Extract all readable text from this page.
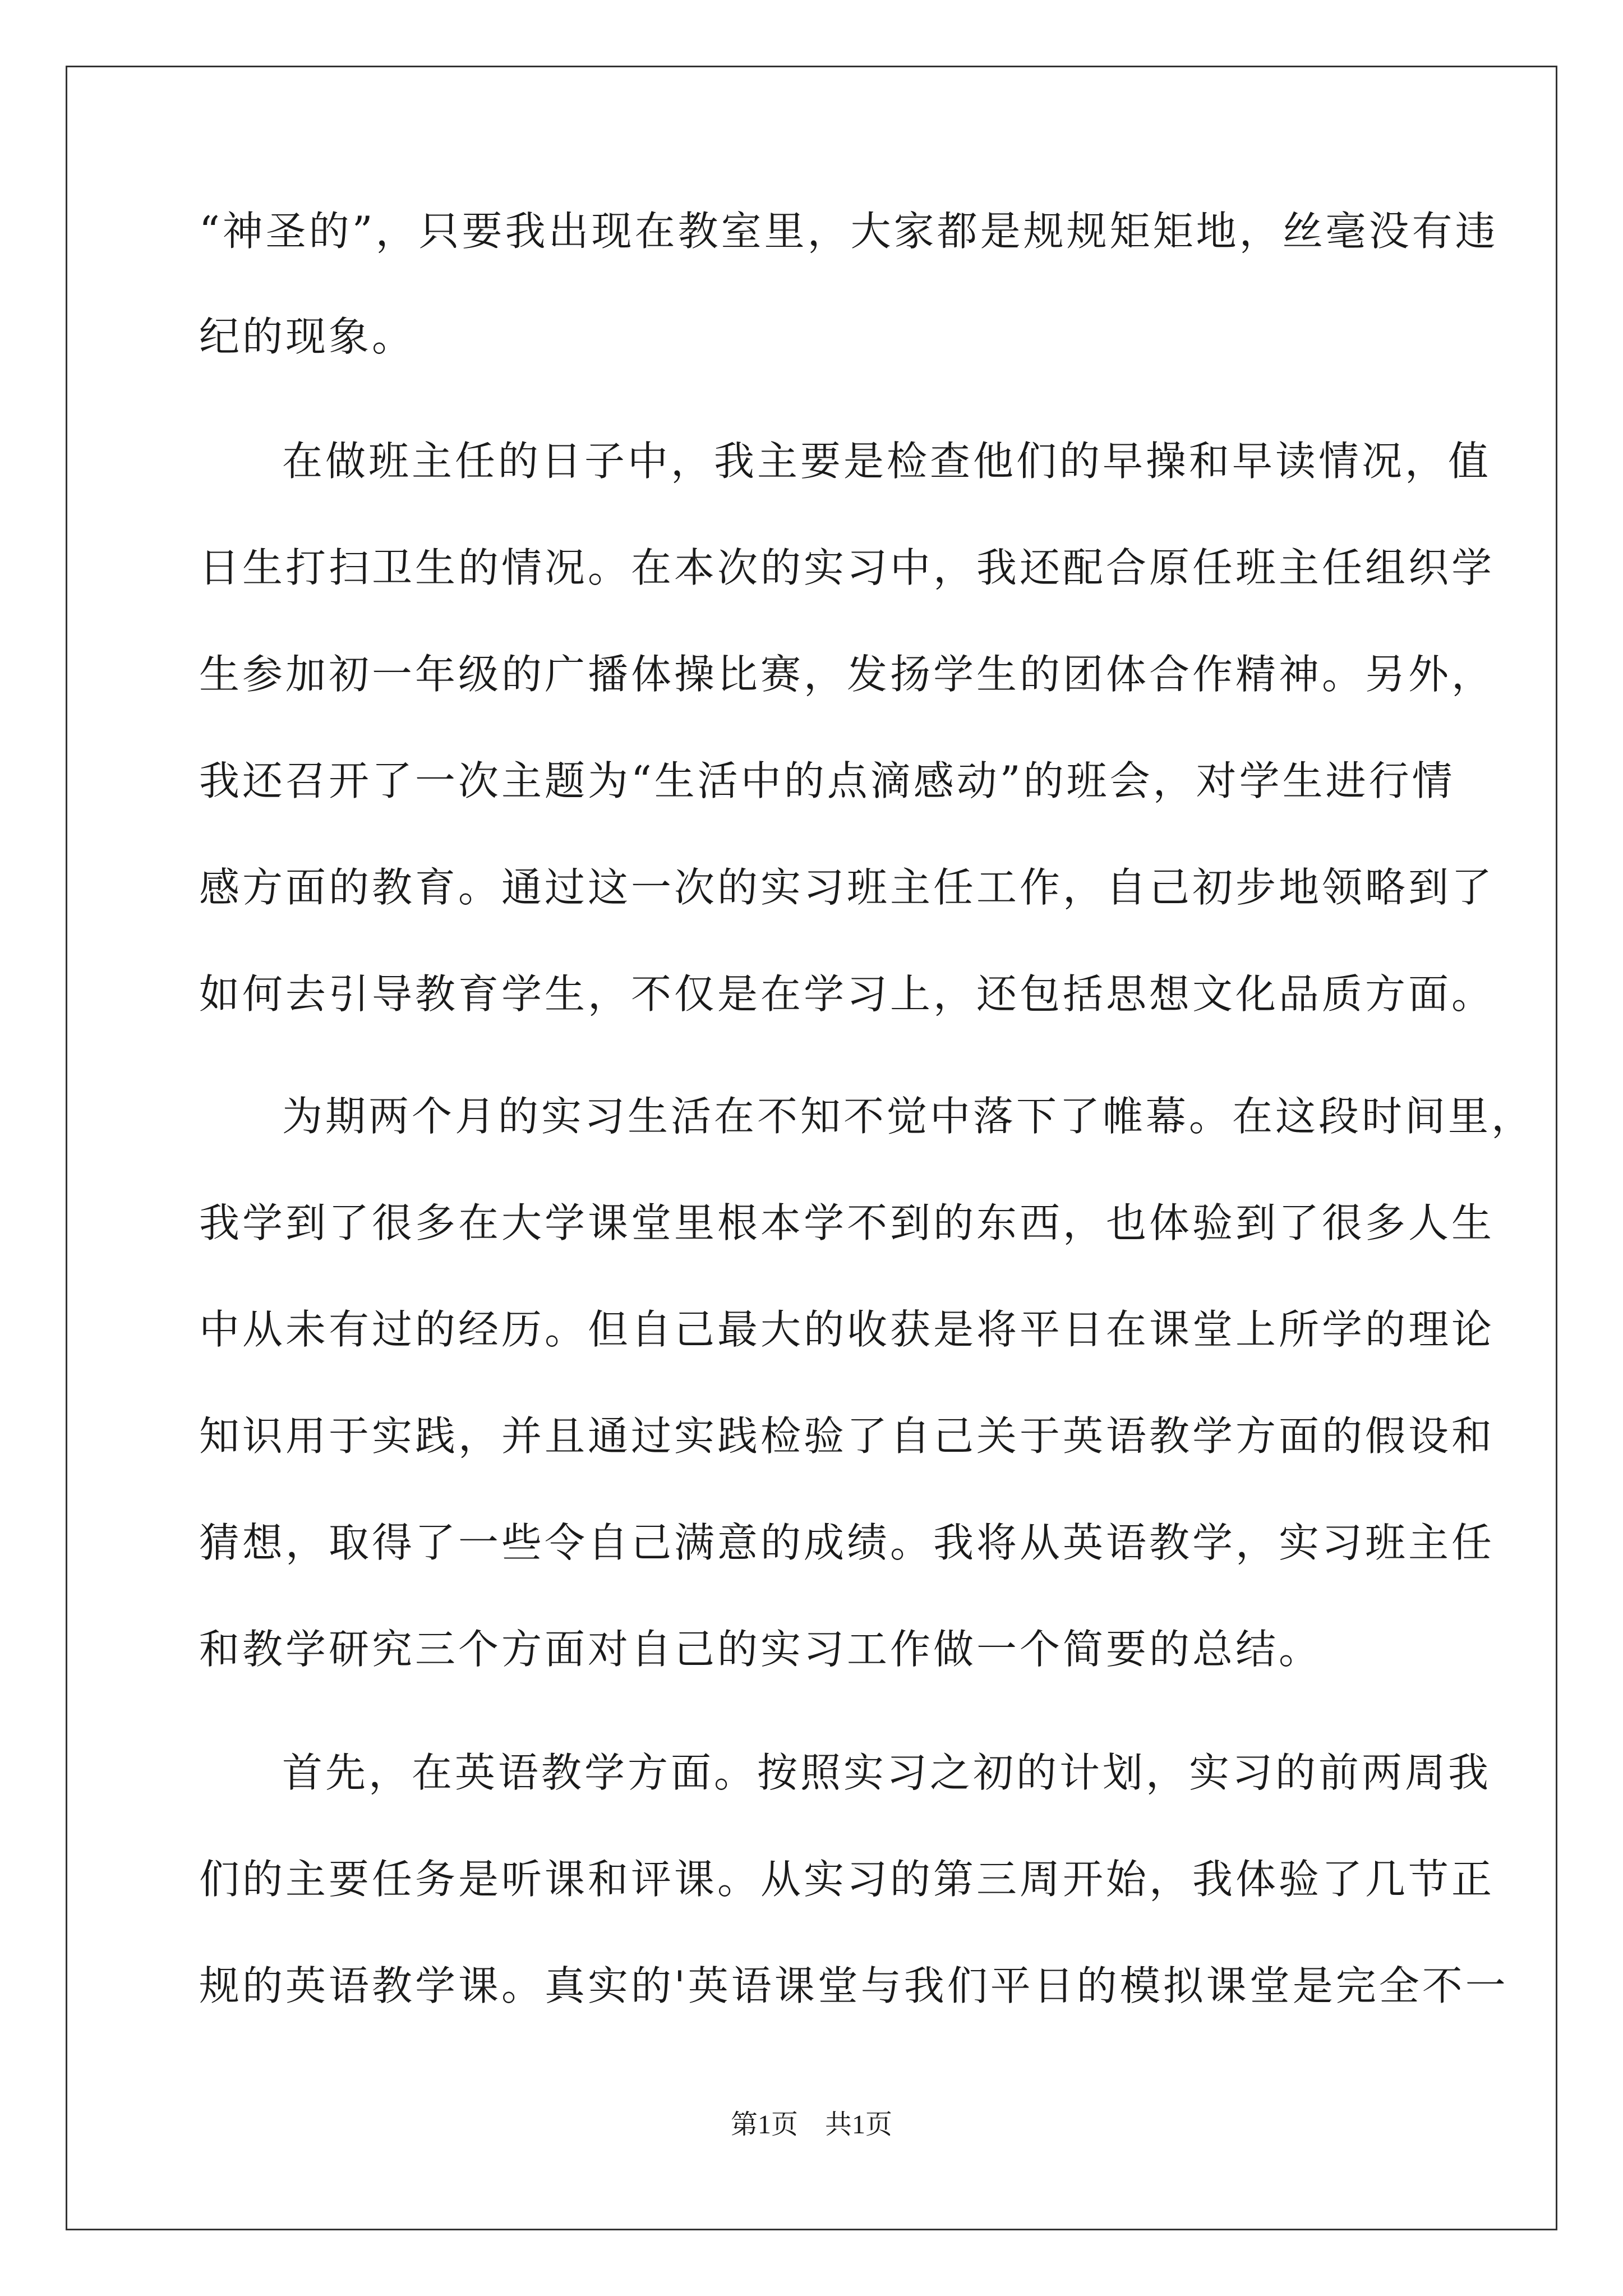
“神圣的”，只要我出现在教室里，大家都是规规矩矩地，丝毫没有违
纪的现象。
在做班主任的日子中，我主要是检查他们的早操和早读情况，值
日生打扫卫生的情况。在本次的实习中，我还配合原任班主任组织学
生参加初一年级的广播体操比赛，发扬学生的团体合作精神。另外，
我还召开了一次主题为“生活中的点滴感动”的班会，对学生进行情
感方面的教育。通过这一次的实习班主任工作，自己初步地领略到了
如何去引导教育学生，不仅是在学习上，还包括思想文化品质方面。
为期两个月的实习生活在不知不觉中落下了帷幕。在这段时间里，
我学到了很多在大学课堂里根本学不到的东西，也体验到了很多人生
中从未有过的经历。但自己最大的收获是将平日在课堂上所学的理论
知识用于实践，并且通过实践检验了自己关于英语教学方面的假设和
猜想，取得了一些令自己满意的成绩。我将从英语教学，实习班主任
和教学研究三个方面对自己的实习工作做一个简要的总结。
首先，在英语教学方面。按照实习之初的计划，实习的前两周我
们的主要任务是听课和评课。从实习的第三周开始，我体验了几节正
规的英语教学课。真实的'英语课堂与我们平日的模拟课堂是完全不一
第1页　共1页
